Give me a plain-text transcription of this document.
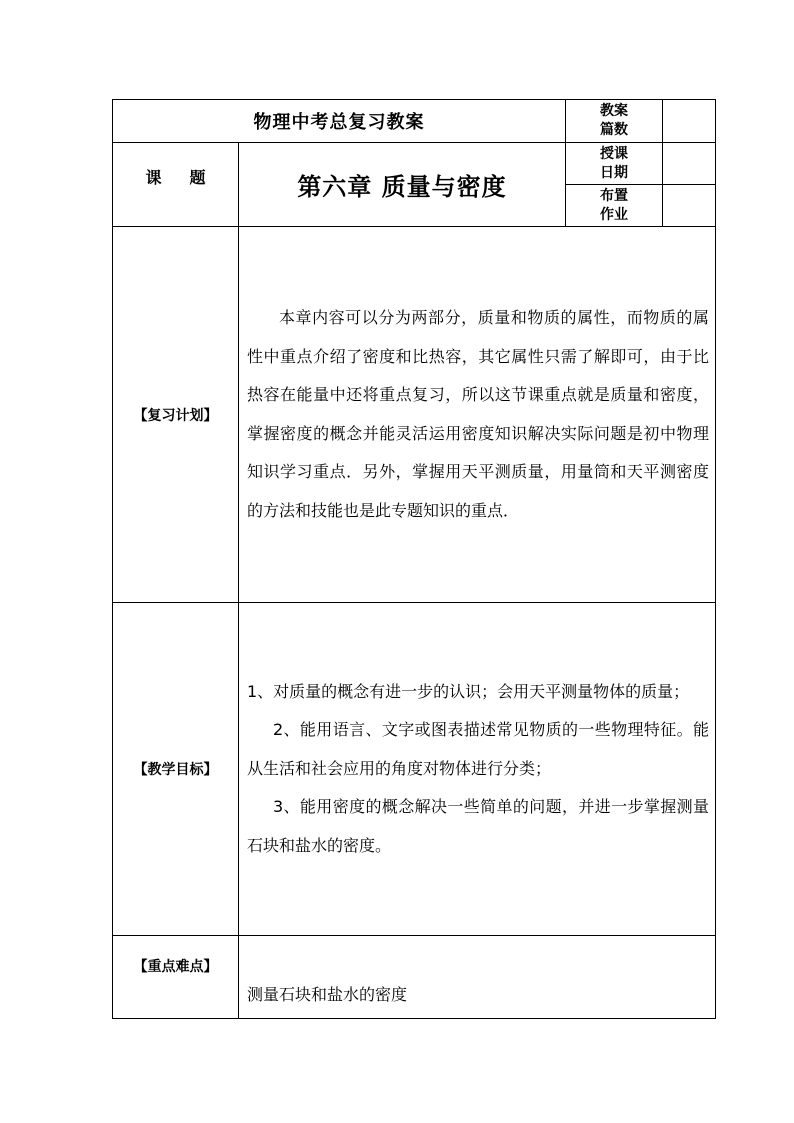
物理中考总复习教案		教案
篇数	

课 题	第六章 质量与密度	授课
日期	

		布置
作业	

【复习计划】	本章内容可以分为两部分，质量和物质的属性，而物质的属性中重点介绍了密度和比热容，其它属性只需了解即可，由于比热容在能量中还将重点复习，所以这节课重点就是质量和密度，掌握密度的概念并能灵活运用密度知识解决实际问题是初中物理知识学习重点．另外，掌握用天平测质量，用量筒和天平测密度的方法和技能也是此专题知识的重点．		

【教学目标】	1、对质量的概念有进一步的认识；会用天平测量物体的质量；

2、能用语言、文字或图表描述常见物质的一些物理特征。能从生活和社会应用的角度对物体进行分类；

3、能用密度的概念解决一些简单的问题，并进一步掌握测量石块和盐水的密度。		

【重点难点】	测量石块和盐水的密度		
